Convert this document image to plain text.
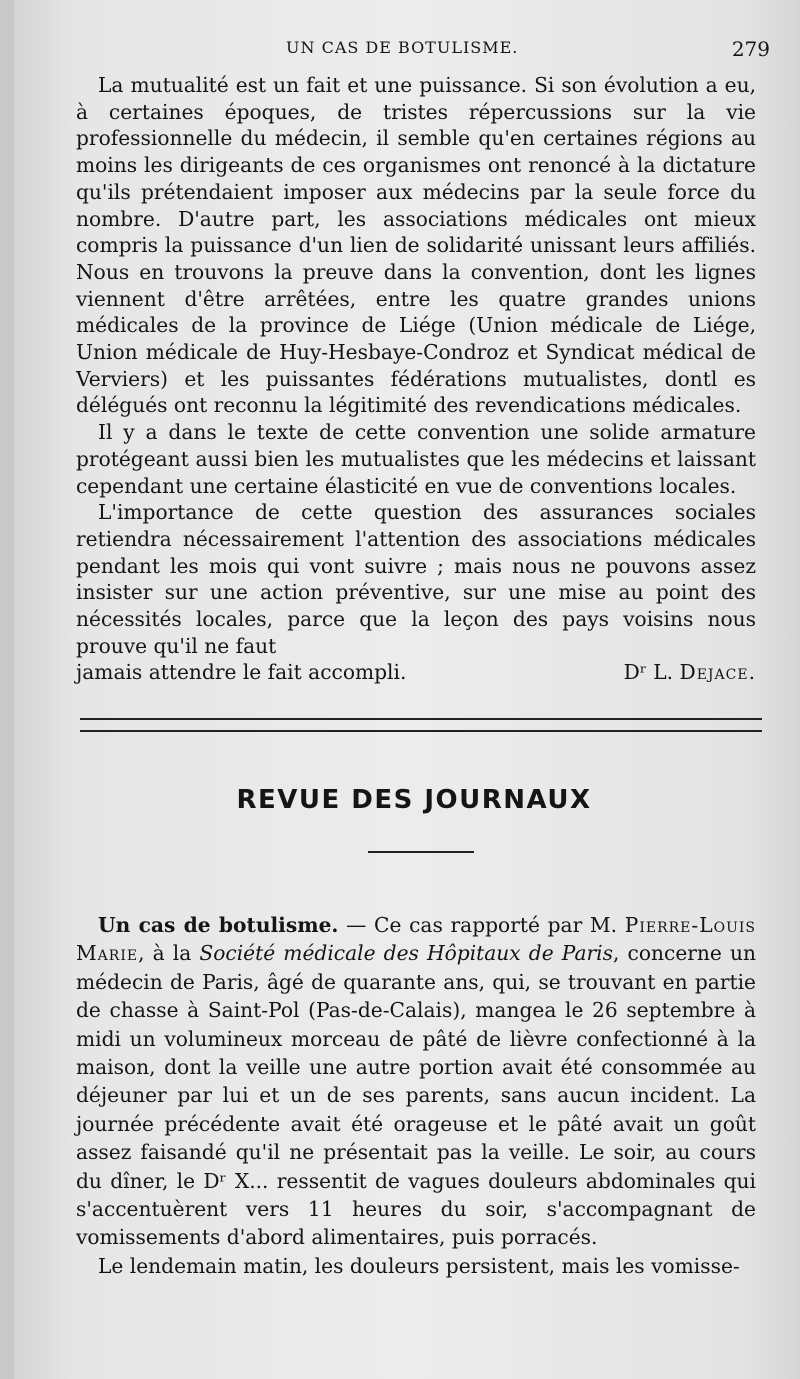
UN CAS DE BOTULISME.	279

La mutualité est un fait et une puissance. Si son évolution a eu, à certaines époques, de tristes répercussions sur la vie professionnelle du médecin, il semble qu'en certaines régions au moins les dirigeants de ces organismes ont renoncé à la dictature qu'ils prétendaient imposer aux médecins par la seule force du nombre. D'autre part, les associations médicales ont mieux compris la puissance d'un lien de solidarité unissant leurs affiliés. Nous en trouvons la preuve dans la convention, dont les lignes viennent d'être arrêtées, entre les quatre grandes unions médicales de la province de Liége (Union médicale de Liége, Union médicale de Huy-Hesbaye-Condroz et Syndicat médical de Verviers) et les puissantes fédérations mutualistes, dontl es délégués ont reconnu la légitimité des revendications médicales.

Il y a dans le texte de cette convention une solide armature protégeant aussi bien les mutualistes que les médecins et laissant cependant une certaine élasticité en vue de conventions locales.

L'importance de cette question des assurances sociales retiendra nécessairement l'attention des associations médicales pendant les mois qui vont suivre ; mais nous ne pouvons assez insister sur une action préventive, sur une mise au point des nécessités locales, parce que la leçon des pays voisins nous prouve qu'il ne faut

jamais attendre le fait accompli.	Dʳ L. Dejace.
REVUE DES JOURNAUX

Un cas de botulisme. — Ce cas rapporté par M. Pierre-Louis Marie, à la Société médicale des Hôpitaux de Paris, concerne un médecin de Paris, âgé de quarante ans, qui, se trouvant en partie de chasse à Saint-Pol (Pas-de-Calais), mangea le 26 septembre à midi un volumineux morceau de pâté de lièvre confectionné à la maison, dont la veille une autre portion avait été consommée au déjeuner par lui et un de ses parents, sans aucun incident. La journée précédente avait été orageuse et le pâté avait un goût assez faisandé qu'il ne présentait pas la veille. Le soir, au cours du dîner, le Dʳ X... ressentit de vagues douleurs abdominales qui s'accentuèrent vers 11 heures du soir, s'accompagnant de vomissements d'abord alimentaires, puis porracés.

Le lendemain matin, les douleurs persistent, mais les vomisse-
